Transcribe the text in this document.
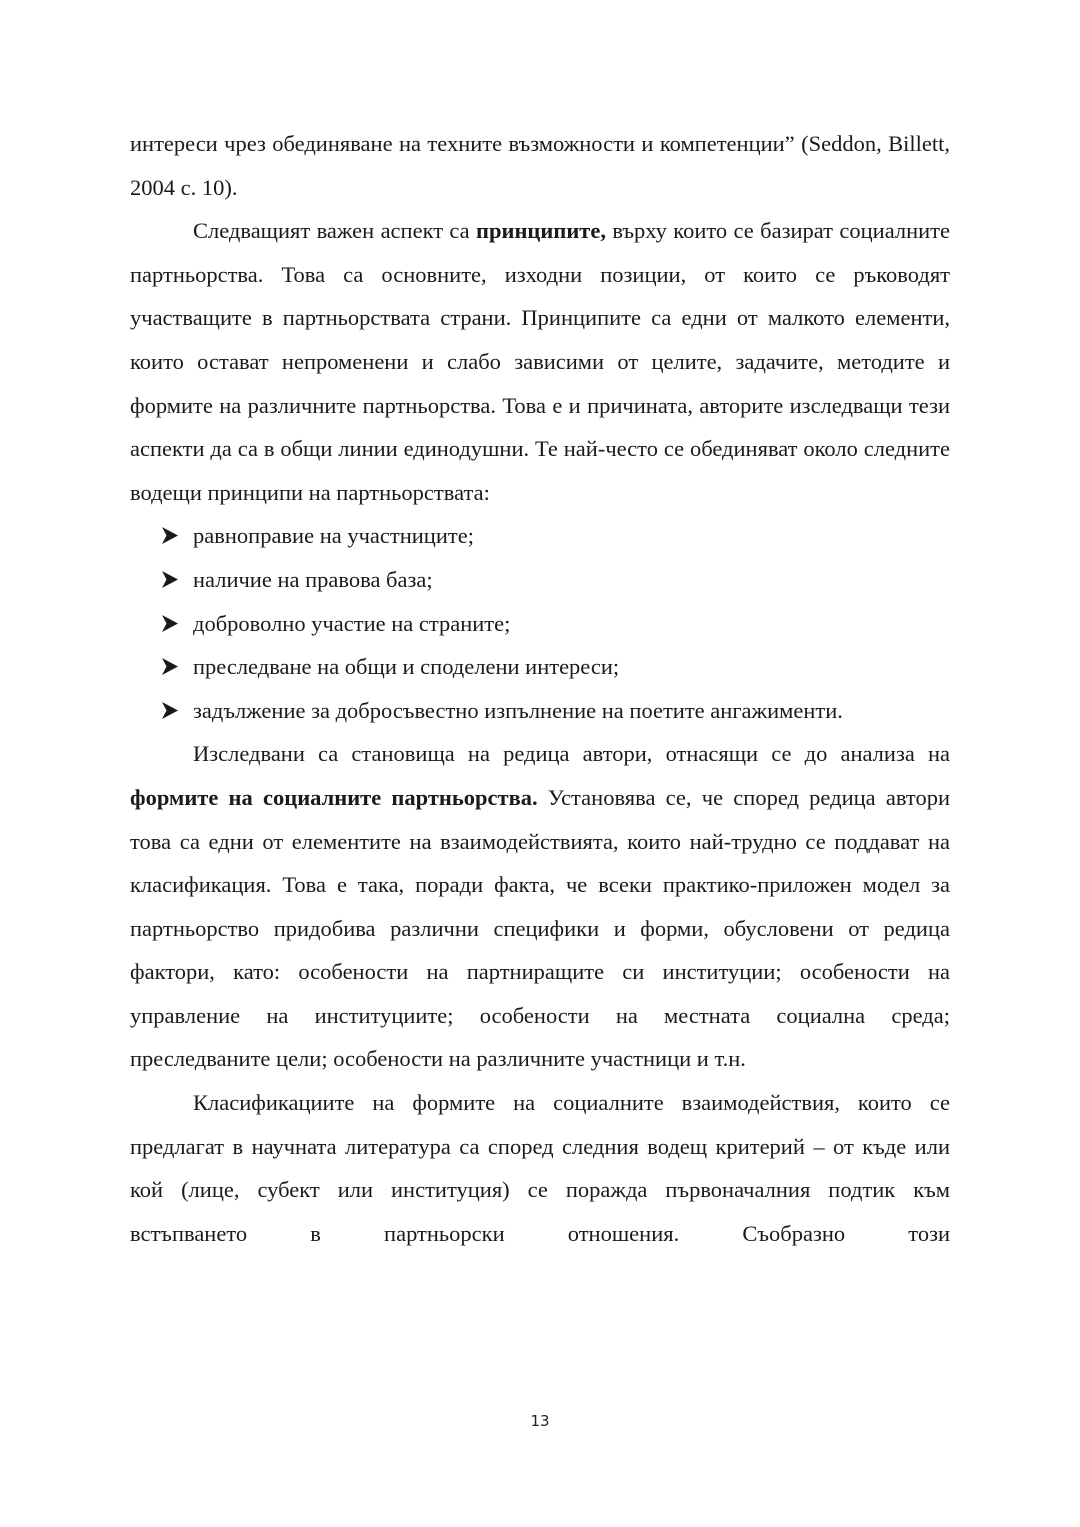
интереси чрез обединяване на техните възможности и компетенции” (Seddon, Billett, 2004 с. 10).

Следващият важен аспект са принципите, върху които се базират социалните партньорства. Това са основните, изходни позиции, от които се ръководят участващите в партньорствата страни. Принципите са едни от малкото елементи, които остават непроменени и слабо зависими от целите, задачите, методите и формите на различните партньорства. Това е и причината, авторите изследващи тези аспекти да са в общи линии единодушни. Те най-често се обединяват около следните водещи принципи на партньорствата:

равноправие на участниците;
наличие на правова база;
доброволно участие на страните;
преследване на общи и споделени интереси;
задължение за добросъвестно изпълнение на поетите ангажименти.

Изследвани са становища на редица автори, отнасящи се до анализа на формите на социалните партньорства. Установява се, че според редица автори това са едни от елементите на взаимодействията, които най-трудно се поддават на класификация. Това е така, поради факта, че всеки практико-приложен модел за партньорство придобива различни специфики и форми, обусловени от редица фактори, като: особености на партниращите си институции; особености на управление на институциите; особености на местната социална среда; преследваните цели; особености на различните участници и т.н.

Класификациите на формите на социалните взаимодействия, които се предлагат в научната литература са според следния водещ критерий – от къде или кой (лице, субект или институция) се поражда първоначалния подтик към встъпването в партньорски отношения. Съобразно този

13
